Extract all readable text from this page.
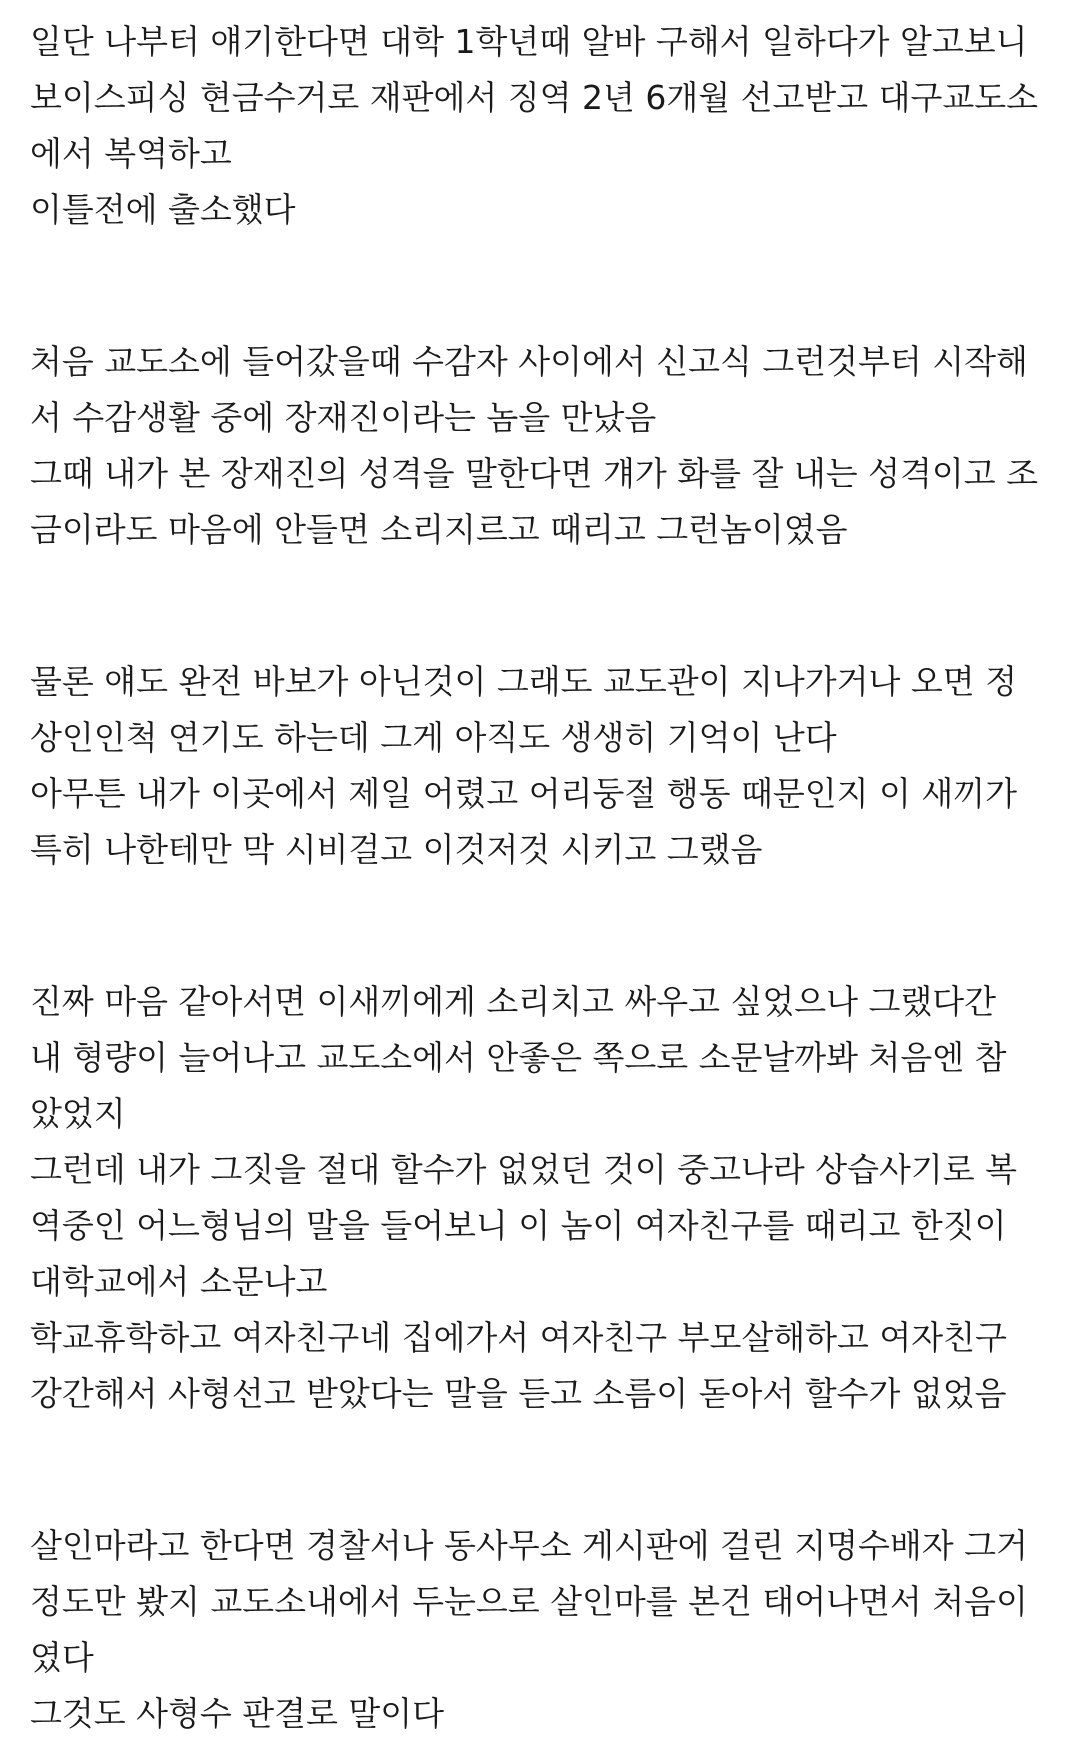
일단 나부터 얘기한다면 대학 1학년때 알바 구해서 일하다가 알고보니
보이스피싱 현금수거로 재판에서 징역 2년 6개월 선고받고 대구교도소
에서 복역하고

이틀전에 출소했다

처음 교도소에 들어갔을때 수감자 사이에서 신고식 그런것부터 시작해
서 수감생활 중에 장재진이라는 놈을 만났음

그때 내가 본 장재진의 성격을 말한다면 걔가 화를 잘 내는 성격이고 조
금이라도 마음에 안들면 소리지르고 때리고 그런놈이였음

물론 얘도 완전 바보가 아닌것이 그래도 교도관이 지나가거나 오면 정
상인인척 연기도 하는데 그게 아직도 생생히 기억이 난다

아무튼 내가 이곳에서 제일 어렸고 어리둥절 행동 때문인지 이 새끼가
특히 나한테만 막 시비걸고 이것저것 시키고 그랬음

진짜 마음 같아서면 이새끼에게 소리치고 싸우고 싶었으나 그랬다간
내 형량이 늘어나고 교도소에서 안좋은 쪽으로 소문날까봐 처음엔 참
았었지

그런데 내가 그짓을 절대 할수가 없었던 것이 중고나라 상습사기로 복
역중인 어느형님의 말을 들어보니 이 놈이 여자친구를 때리고 한짓이
대학교에서 소문나고

학교휴학하고 여자친구네 집에가서 여자친구 부모살해하고 여자친구
강간해서 사형선고 받았다는 말을 듣고 소름이 돋아서 할수가 없었음

살인마라고 한다면 경찰서나 동사무소 게시판에 걸린 지명수배자 그거
정도만 봤지 교도소내에서 두눈으로 살인마를 본건 태어나면서 처음이
였다

그것도 사형수 판결로 말이다
